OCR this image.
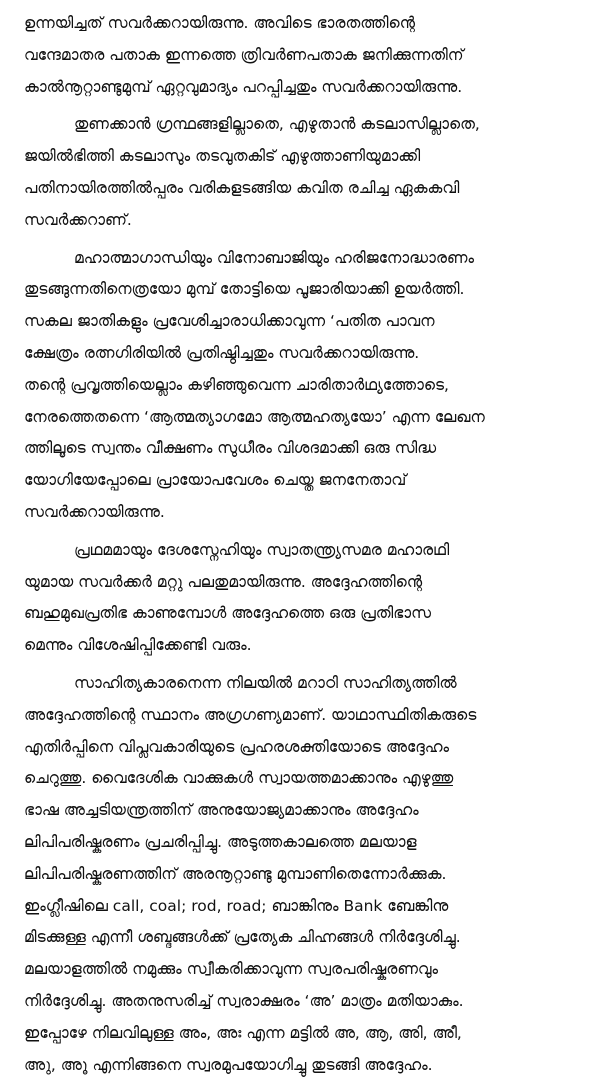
ഉന്നയിച്ചത് സവർക്കറായിരുന്നു. അവിടെ ഭാരതത്തിന്റെ
വന്ദേമാതര പതാക ഇന്നത്തെ ത്രിവർണപതാക ജനിക്കുന്നതിന്
കാൽനൂറ്റാണ്ടുമുമ്പ് ഏറ്റവുമാദ്യം പറപ്പിച്ചതും സവർക്കറായിരുന്നു.

തുണക്കാൻ ഗ്രന്ഥങ്ങളില്ലാതെ, എഴുതാൻ കടലാസില്ലാതെ,
ജയിൽഭിത്തി കടലാസും തടവുതകിട് എഴുത്താണിയുമാക്കി
പതിനായിരത്തിൽപ്പരം വരികളടങ്ങിയ കവിത രചിച്ച ഏകകവി
സവർക്കറാണ്.

മഹാത്മാഗാന്ധിയും വിനോബാജിയും ഹരിജനോദ്ധാരണം
തുടങ്ങുന്നതിനെത്രയോ മുമ്പ് തോട്ടിയെ പൂജാരിയാക്കി ഉയർത്തി.
സകല ജാതികളും പ്രവേശിച്ചാരാധിക്കാവുന്ന ‘പതിത പാവന
ക്ഷേത്രം രത്നഗിരിയിൽ പ്രതിഷ്ഠിച്ചതും സവർക്കറായിരുന്നു.
തന്റെ പ്രവൃത്തിയെല്ലാം കഴിഞ്ഞുവെന്ന ചാരിതാർഥ്യത്തോടെ,
നേരത്തെതന്നെ ‘ആത്മത്യാഗമോ ആത്മഹത്യയോ’ എന്ന ലേഖന
ത്തിലൂടെ സ്വന്തം വീക്ഷണം സുധീരം വിശദമാക്കി ഒരു സിദ്ധ
യോഗിയേപ്പോലെ പ്രായോപവേശം ചെയ്ത ജനനേതാവ്
സവർക്കറായിരുന്നു.

പ്രഥമമായും ദേശസ്നേഹിയും സ്വാതന്ത്ര്യസമര മഹാരഥി
യുമായ സവർക്കർ മറ്റു പലതുമായിരുന്നു. അദ്ദേഹത്തിന്റെ
ബഹുമുഖപ്രതിഭ കാണുമ്പോൾ അദ്ദേഹത്തെ ഒരു പ്രതിഭാസ
മെന്നും വിശേഷിപ്പിക്കേണ്ടി വരും.

സാഹിത്യകാരനെന്ന നിലയിൽ മറാഠി സാഹിത്യത്തിൽ
അദ്ദേഹത്തിന്റെ സ്ഥാനം അഗ്രഗണ്യമാണ്. യാഥാസ്ഥിതികരുടെ
എതിർപ്പിനെ വിപ്ലവകാരിയുടെ പ്രഹരശക്തിയോടെ അദ്ദേഹം
ചെറുത്തു. വൈദേശിക വാക്കുകൾ സ്വായത്തമാക്കാനും എഴുത്തു
ഭാഷ അച്ചടിയന്ത്രത്തിന് അനുയോജ്യമാക്കാനും അദ്ദേഹം
ലിപിപരിഷ്കരണം പ്രചരിപ്പിച്ചു. അടുത്തകാലത്തെ മലയാള
ലിപിപരിഷ്കരണത്തിന് അരനൂറ്റാണ്ടു മുമ്പാണിതെന്നോർക്കുക.
ഇംഗ്ലീഷിലെ call, coal; rod, road; ബാങ്കിനും Bank ബേങ്കിനു
മിടക്കുള്ള എന്നീ ശബ്ദങ്ങൾക്ക് പ്രത്യേക ചിഹ്നങ്ങൾ നിർദ്ദേശിച്ചു.
മലയാളത്തിൽ നമുക്കും സ്വീകരിക്കാവുന്ന സ്വരപരിഷ്കരണവും
നിർദ്ദേശിച്ചു. അതനുസരിച്ച് സ്വരാക്ഷരം ‘അ’ മാത്രം മതിയാകും.
ഇപ്പോഴേ നിലവിലുള്ള അം, അഃ എന്ന മട്ടിൽ അ, ആ, അി, അീ,
അു, അൂ എന്നിങ്ങനെ സ്വരമുപയോഗിച്ചു തുടങ്ങി അദ്ദേഹം.
